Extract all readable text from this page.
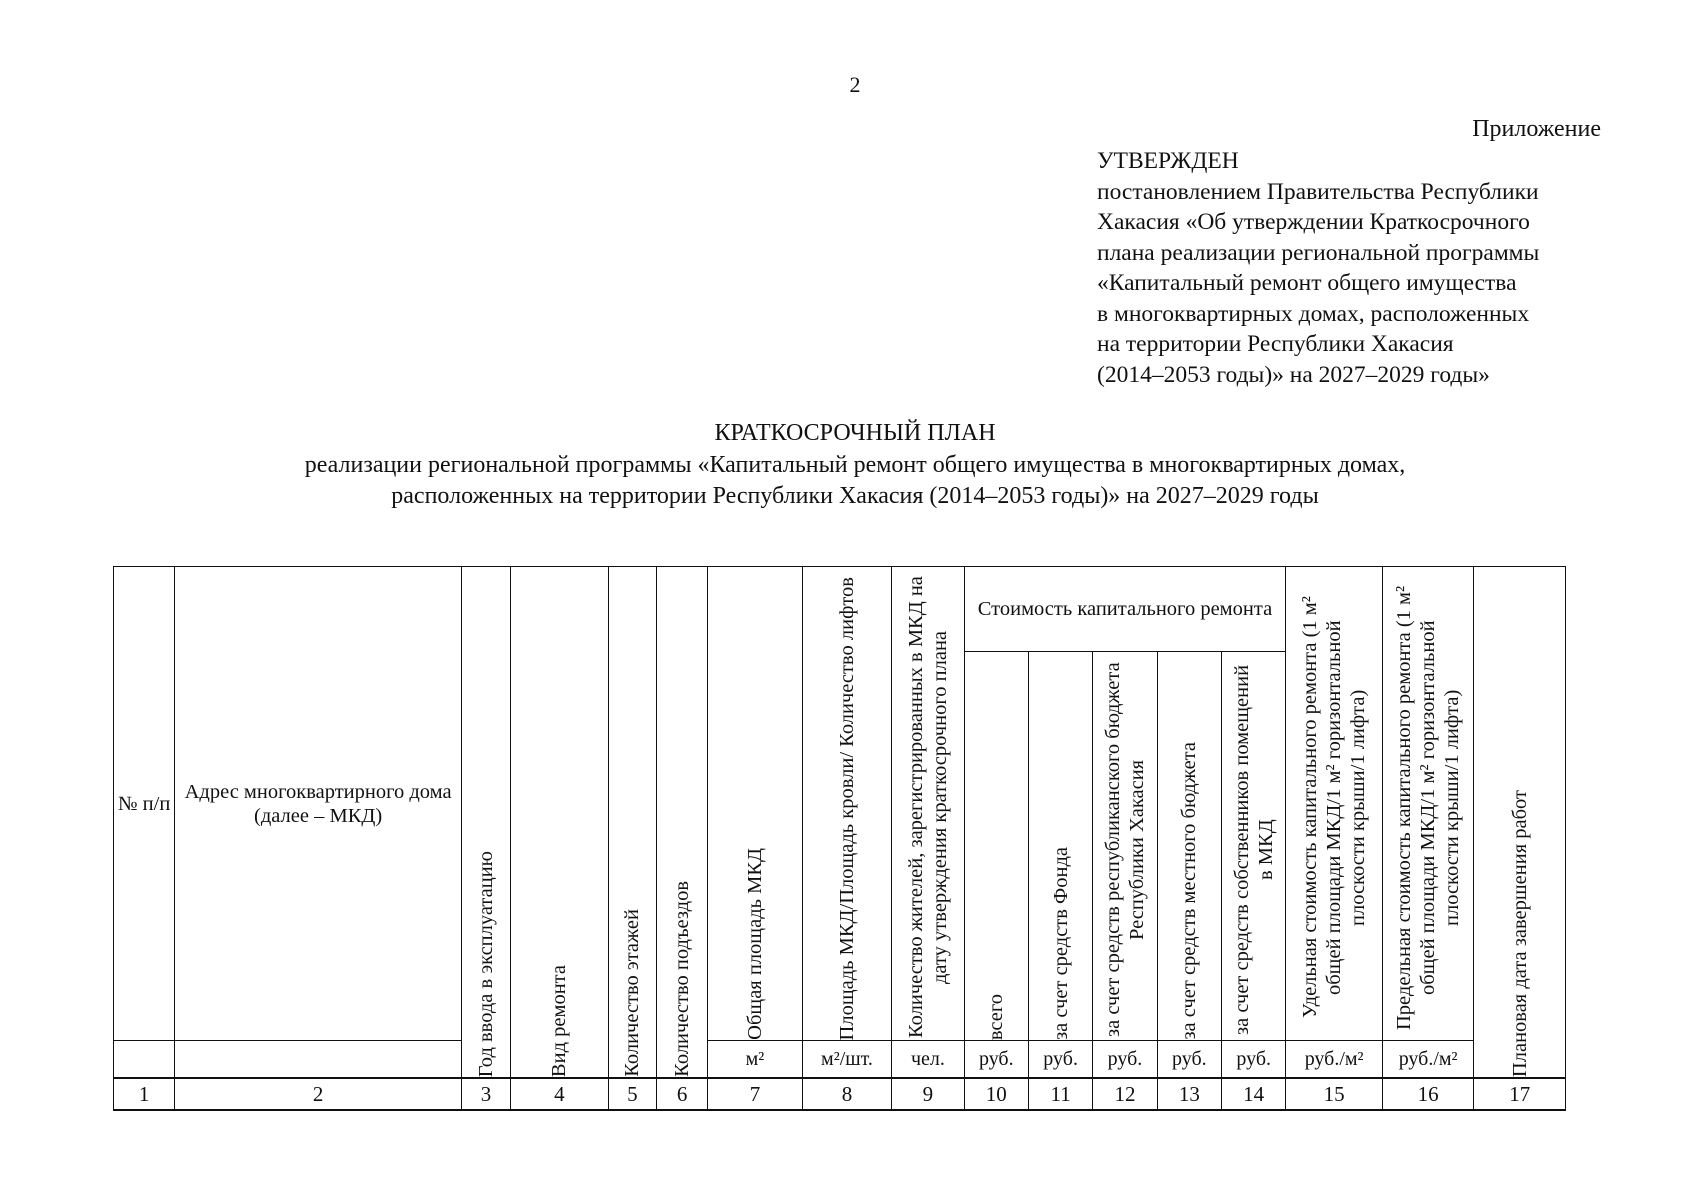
2
Приложение
УТВЕРЖДЕН
постановлением Правительства Республики
Хакасия «Об утверждении Краткосрочного
плана реализации региональной программы
«Капитальный ремонт общего имущества
в многоквартирных домах, расположенных
на территории Республики Хакасия
(2014–2053 годы)» на 2027–2029 годы»
КРАТКОСРОЧНЫЙ ПЛАН
реализации региональной программы «Капитальный ремонт общего имущества в многоквартирных домах,
расположенных на территории Республики Хакасия (2014–2053 годы)» на 2027–2029 годы
№ п/п	Адрес многоквартирного дома (далее – МКД)	Год ввода в эксплуатацию	Вид ремонта	Количество этажей	Количество подъездов	Общая площадь МКД	Площадь МКД/Площадь кровли/ Количество лифтов	Количество жителей, зарегистрированных в МКД на дату утверждения краткосрочного плана	Стоимость капитального ремонта					Удельная стоимость капитального ремонта (1 м² общей площади МКД/1 м² горизонтальной плоскости крыши/1 лифта)	Предельная стоимость капитального ремонта (1 м² общей площади МКД/1 м² горизонтальной плоскости крыши/1 лифта)	Плановая дата завершения работ

									всего	за счет средств Фонда	за счет средств республиканского бюджета Республики Хакасия	за счет средств местного бюджета	за счет средств собственников помещений в МКД			

						м²	м²/шт.	чел.	руб.	руб.	руб.	руб.	руб.	руб./м²	руб./м²	
1	2	3	4	5	6	7	8	9	10	11	12	13	14	15	16	17
